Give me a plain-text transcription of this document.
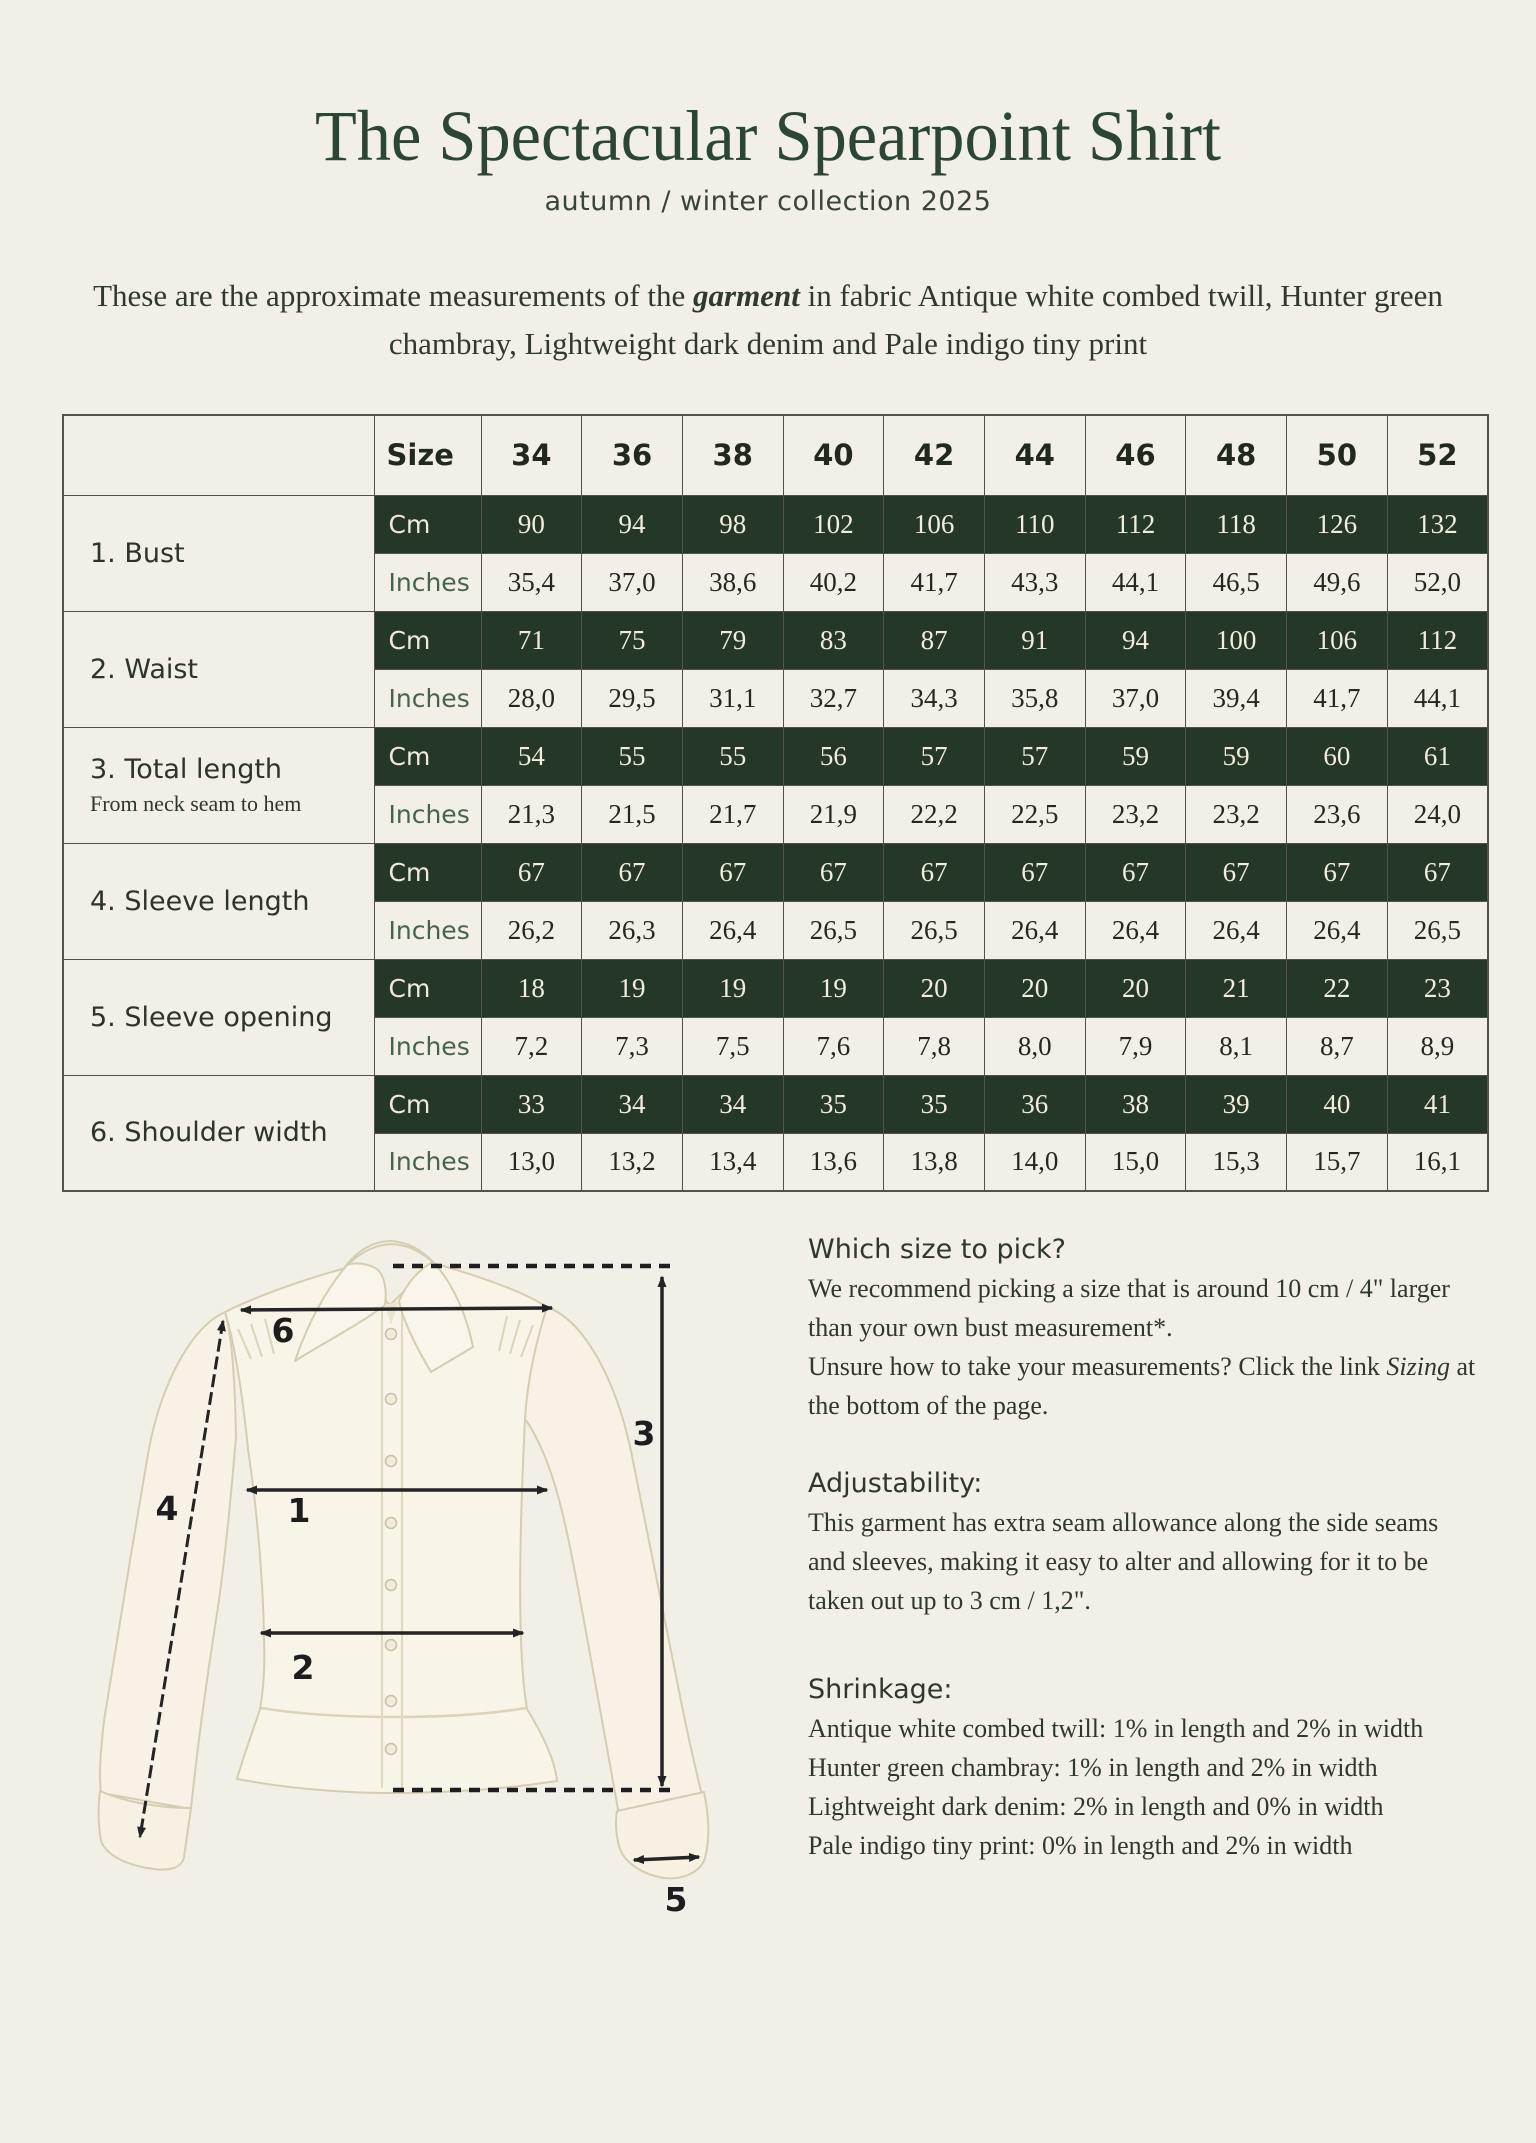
The Spectacular Spearpoint Shirt
autumn / winter collection 2025

These are the approximate measurements of the garment in fabric Antique white combed twill, Hunter green chambray, Lightweight dark denim and Pale indigo tiny print

	Size	34	36	38	40	42	44	46	48	50	52

1. Bust	Cm	90	94	98	102	106	110	112	118	126	132
	Inches	35,4	37,0	38,6	40,2	41,7	43,3	44,1	46,5	49,6	52,0

2. Waist	Cm	71	75	79	83	87	91	94	100	106	112
	Inches	28,0	29,5	31,1	32,7	34,3	35,8	37,0	39,4	41,7	44,1

3. Total length
From neck seam to hem	Cm	54	55	55	56	57	57	59	59	60	61
	Inches	21,3	21,5	21,7	21,9	22,2	22,5	23,2	23,2	23,6	24,0

4. Sleeve length	Cm	67	67	67	67	67	67	67	67	67	67
	Inches	26,2	26,3	26,4	26,5	26,5	26,4	26,4	26,4	26,4	26,5

5. Sleeve opening	Cm	18	19	19	19	20	20	20	21	22	23
	Inches	7,2	7,3	7,5	7,6	7,8	8,0	7,9	8,1	8,7	8,9

6. Shoulder width	Cm	33	34	34	35	35	36	38	39	40	41
	Inches	13,0	13,2	13,4	13,6	13,8	14,0	15,0	15,3	15,7	16,1
1
2
3
4
5
6
Which size to pick?

We recommend picking a size that is around 10 cm / 4" larger than your own bust measurement*.

Unsure how to take your measurements? Click the link Sizing at the bottom of the page.

Adjustability:

This garment has extra seam allowance along the side seams and sleeves, making it easy to alter and allowing for it to be taken out up to 3 cm / 1,2".

Shrinkage:
Antique white combed twill: 1% in length and 2% in width
Hunter green chambray: 1% in length and 2% in width
Lightweight dark denim: 2% in length and 0% in width
Pale indigo tiny print: 0% in length and 2% in width
